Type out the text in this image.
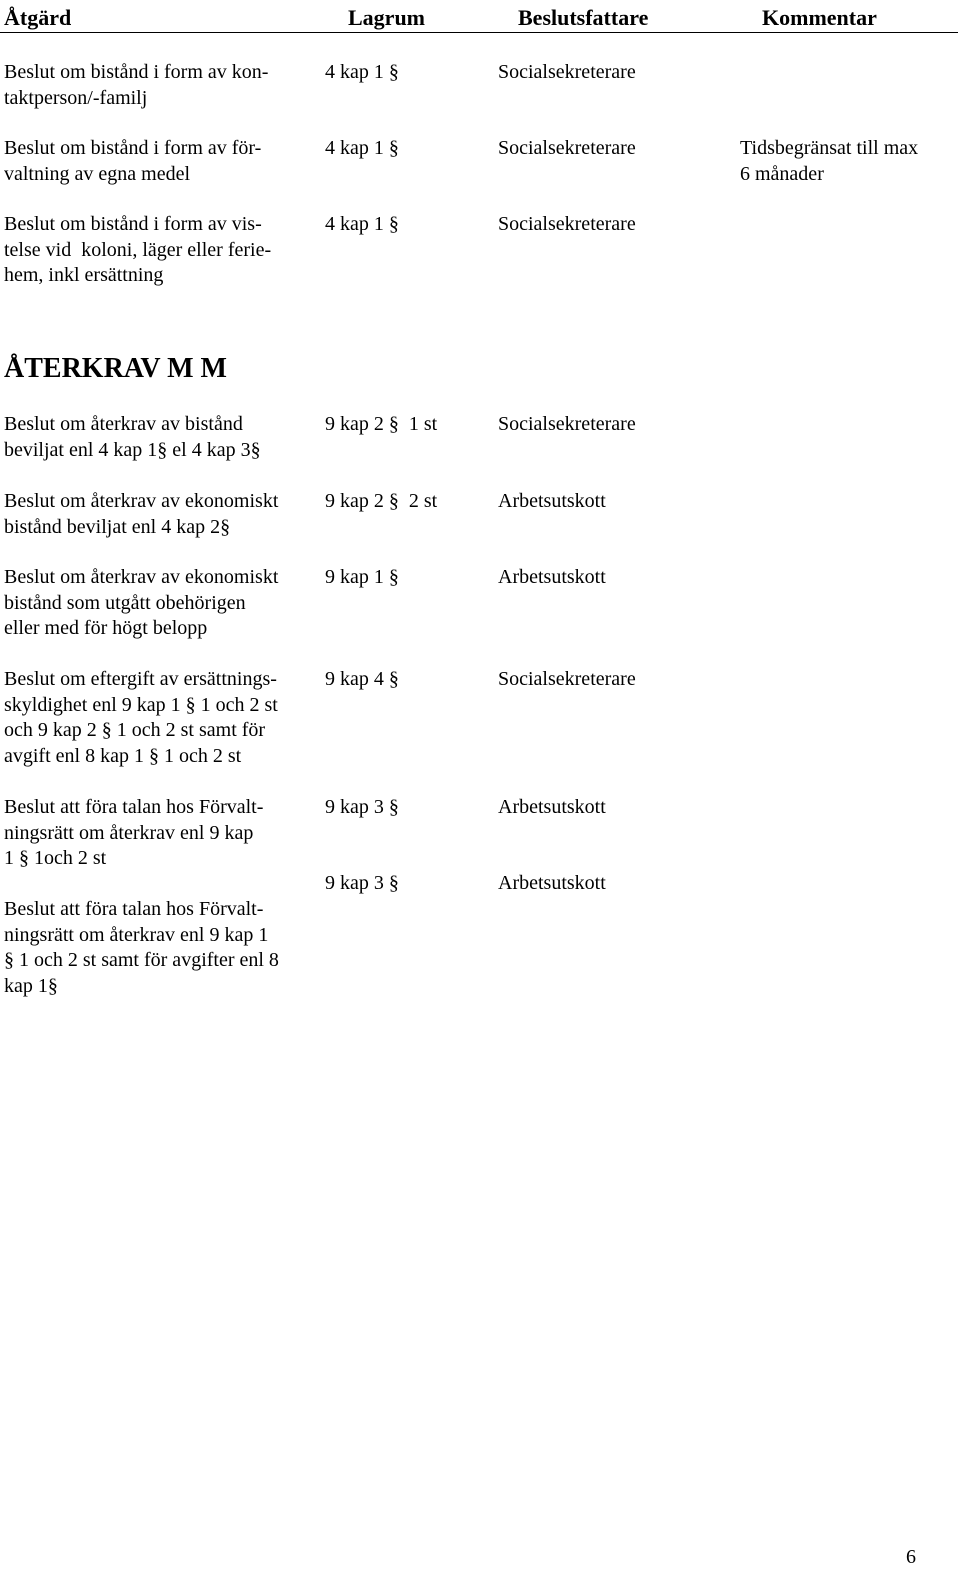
Åtgärd	Lagrum	Beslutsfattare	Kommentar
Beslut om bistånd i form av kon-
taktperson/-familj
4 kap 1 §	Socialsekreterare
Beslut om bistånd i form av för-
valtning av egna medel
4 kap 1 §	Socialsekreterare	Tidsbegränsat till max
6 månader
Beslut om bistånd i form av vis-
telse vid  koloni, läger eller ferie-
hem, inkl ersättning
4 kap 1 §	Socialsekreterare
ÅTERKRAV M M
Beslut om återkrav av bistånd
beviljat enl 4 kap 1§ el 4 kap 3§
9 kap 2 §  1 st	Socialsekreterare
Beslut om återkrav av ekonomiskt
bistånd beviljat enl 4 kap 2§
9 kap 2 §  2 st	Arbetsutskott
Beslut om återkrav av ekonomiskt
bistånd som utgått obehörigen
eller med för högt belopp
9 kap 1 §	Arbetsutskott
Beslut om eftergift av ersättnings-
skyldighet enl 9 kap 1 § 1 och 2 st
och 9 kap 2 § 1 och 2 st samt för
avgift enl 8 kap 1 § 1 och 2 st
9 kap 4 §	Socialsekreterare
Beslut att föra talan hos Förvalt-
ningsrätt om återkrav enl 9 kap
1 § 1och 2 st
9 kap 3 §	Arbetsutskott
Beslut att föra talan hos Förvalt-
ningsrätt om återkrav enl 9 kap 1
§ 1 och 2 st samt för avgifter enl 8
kap 1§
9 kap 3 §	Arbetsutskott
6
